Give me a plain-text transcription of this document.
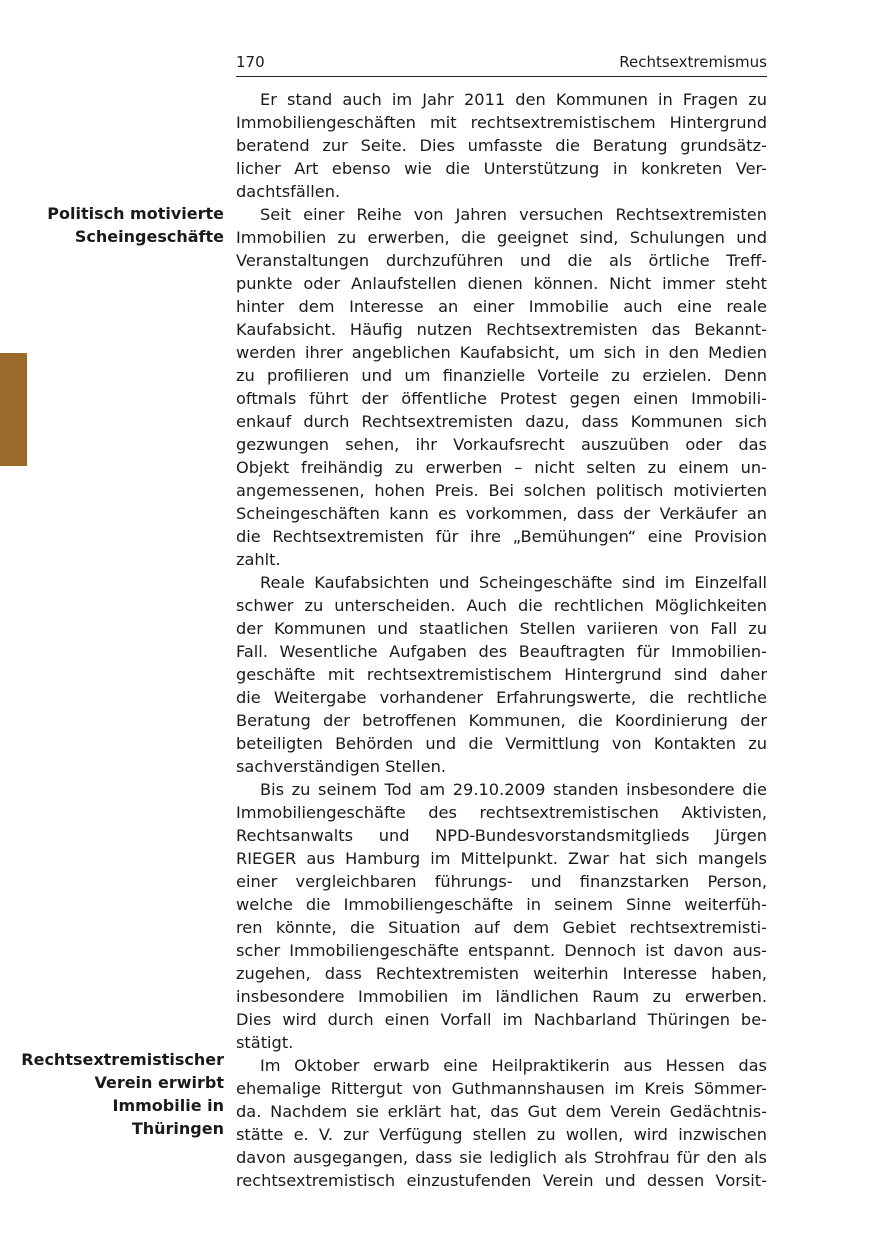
170	Rechtsextremismus
Politisch motivierte
Scheingeschäfte
Rechtsextremistischer
Verein erwirbt
Immobilie in
Thüringen
Er stand auch im Jahr 2011 den Kommunen in Fragen zu
Immobiliengeschäften mit rechtsextremistischem Hintergrund
beratend zur Seite. Dies umfasste die Beratung grundsätz-
licher Art ebenso wie die Unterstützung in konkreten Ver-
dachtsfällen.
Seit einer Reihe von Jahren versuchen Rechtsextremisten
Immobilien zu erwerben, die geeignet sind, Schulungen und
Veranstaltungen durchzuführen und die als örtliche Treff-
punkte oder Anlaufstellen dienen können. Nicht immer steht
hinter dem Interesse an einer Immobilie auch eine reale
Kaufabsicht. Häufig nutzen Rechtsextremisten das Bekannt-
werden ihrer angeblichen Kaufabsicht, um sich in den Medien
zu profilieren und um finanzielle Vorteile zu erzielen. Denn
oftmals führt der öffentliche Protest gegen einen Immobili-
enkauf durch Rechtsextremisten dazu, dass Kommunen sich
gezwungen sehen, ihr Vorkaufsrecht auszuüben oder das
Objekt freihändig zu erwerben – nicht selten zu einem un-
angemessenen, hohen Preis. Bei solchen politisch motivierten
Scheingeschäften kann es vorkommen, dass der Verkäufer an
die Rechtsextremisten für ihre „Bemühungen“ eine Provision
zahlt.
Reale Kaufabsichten und Scheingeschäfte sind im Einzelfall
schwer zu unterscheiden. Auch die rechtlichen Möglichkeiten
der Kommunen und staatlichen Stellen variieren von Fall zu
Fall. Wesentliche Aufgaben des Beauftragten für Immobilien-
geschäfte mit rechtsextremistischem Hintergrund sind daher
die Weitergabe vorhandener Erfahrungswerte, die rechtliche
Beratung der betroffenen Kommunen, die Koordinierung der
beteiligten Behörden und die Vermittlung von Kontakten zu
sachverständigen Stellen.
Bis zu seinem Tod am 29.10.2009 standen insbesondere die
Immobiliengeschäfte des rechtsextremistischen Aktivisten,
Rechtsanwalts und NPD-Bundesvorstandsmitglieds Jürgen
RIEGER aus Hamburg im Mittelpunkt. Zwar hat sich mangels
einer vergleichbaren führungs- und finanzstarken Person,
welche die Immobiliengeschäfte in seinem Sinne weiterfüh-
ren könnte, die Situation auf dem Gebiet rechtsextremisti-
scher Immobiliengeschäfte entspannt. Dennoch ist davon aus-
zugehen, dass Rechtextremisten weiterhin Interesse haben,
insbesondere Immobilien im ländlichen Raum zu erwerben.
Dies wird durch einen Vorfall im Nachbarland Thüringen be-
stätigt.
Im Oktober erwarb eine Heilpraktikerin aus Hessen das
ehemalige Rittergut von Guthmannshausen im Kreis Sömmer-
da. Nachdem sie erklärt hat, das Gut dem Verein Gedächtnis-
stätte e. V. zur Verfügung stellen zu wollen, wird inzwischen
davon ausgegangen, dass sie lediglich als Strohfrau für den als
rechtsextremistisch einzustufenden Verein und dessen Vorsit-
